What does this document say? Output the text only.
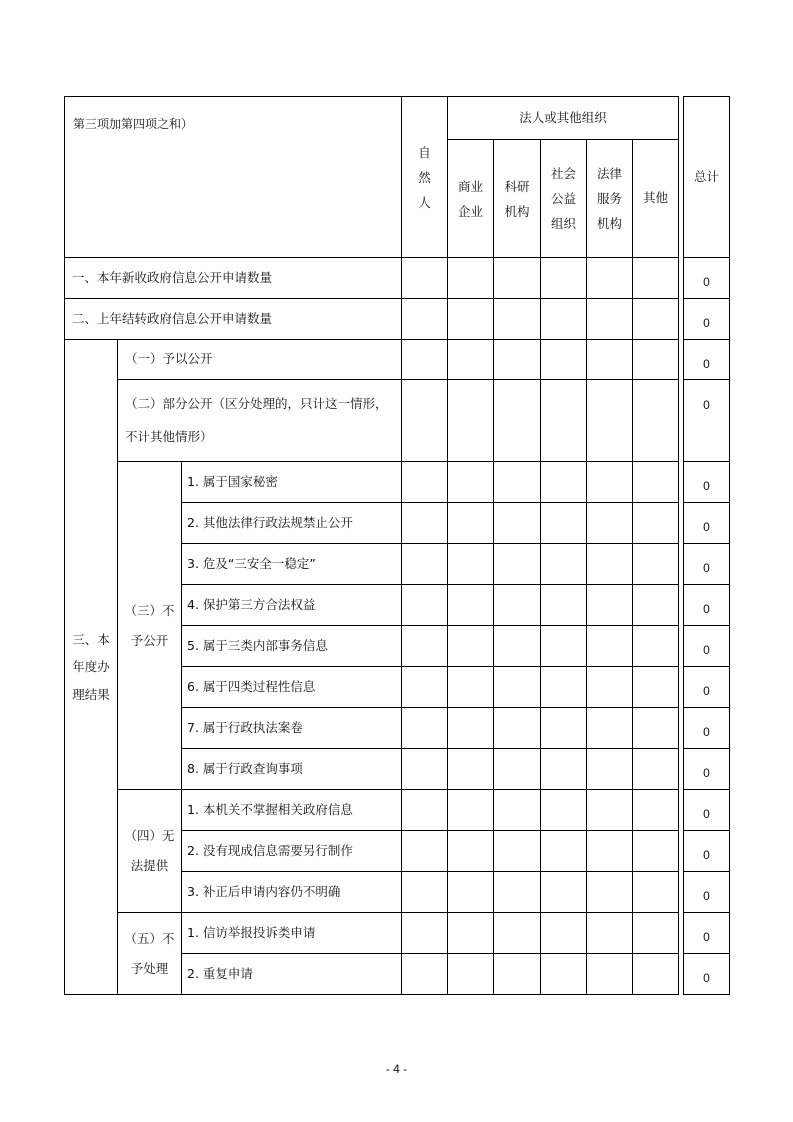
第三项加第四项之和）			自然人	法人或其他组织						总计

				商业企业	科研机构	社会公益组织	法律服务机构	其他		
一、本年新收政府信息公开申请数量										0
二、上年结转政府信息公开申请数量										0

三、本年度办理结果	（一）予以公开									0

	（二）部分公开（区分处理的，只计这一情形，不计其他情形）									0

	（三）不予公开	1. 属于国家秘密								0
		2. 其他法律行政法规禁止公开								0
		3. 危及“三安全一稳定”								0
		4. 保护第三方合法权益								0
		5. 属于三类内部事务信息								0
		6. 属于四类过程性信息								0
		7. 属于行政执法案卷								0
		8. 属于行政查询事项								0

	（四）无法提供	1. 本机关不掌握相关政府信息								0
		2. 没有现成信息需要另行制作								0
		3. 补正后申请内容仍不明确								0

	（五）不予处理	1. 信访举报投诉类申请								0
		2. 重复申请								0
- 4 -
